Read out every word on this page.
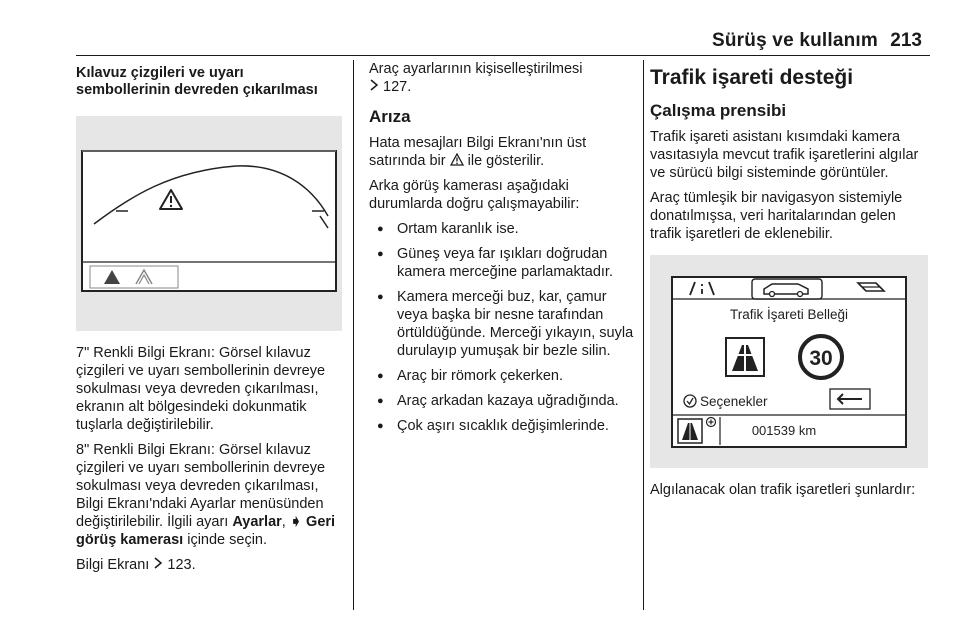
Sürüş ve kullanım 213
Kılavuz çizgileri ve uyarı
sembollerinin devreden çıkarılması

7" Renkli Bilgi Ekranı: Görsel kılavuz çizgileri ve uyarı sembollerinin devreye sokulması veya devreden çıkarılması, ekranın alt bölgesindeki dokunmatik tuşlarla değiştirilebilir.

8" Renkli Bilgi Ekranı: Görsel kılavuz çizgileri ve uyarı sembollerinin devreye sokulması veya devreden çıkarılması, Bilgi Ekranı'ndaki Ayarlar menüsünden değiştirilebilir. İlgili ayarı Ayarlar, ➧ Geri görüş kamerası içinde seçin.

Bilgi Ekranı  123.

Araç ayarlarının kişiselleştirilmesi
127.

Arıza

Hata mesajları Bilgi Ekranı'nın üst satırında bir  ile gösterilir.

Arka görüş kamerası aşağıdaki durumlarda doğru çalışmayabilir:

● Ortam karanlık ise.
● Güneş veya far ışıkları doğrudan kamera merceğine parlamaktadır.
● Kamera merceği buz, kar, çamur veya başka bir nesne tarafından örtüldüğünde. Merceği yıkayın, suyla durulayıp yumuşak bir bezle silin.
● Araç bir römork çekerken.
● Araç arkadan kazaya uğradığında.
● Çok aşırı sıcaklık değişimlerinde.
Trafik işareti desteği
Çalışma prensibi

Trafik işareti asistanı kısımdaki kamera vasıtasıyla mevcut trafik işaretlerini algılar ve sürücü bilgi sisteminde görüntüler.

Araç tümleşik bir navigasyon sistemiyle donatılmışsa, veri haritalarından gelen trafik işaretleri de eklenebilir.

Trafik İşareti Belleği
30
Seçenekler
001539 km

Algılanacak olan trafik işaretleri şunlardır:
